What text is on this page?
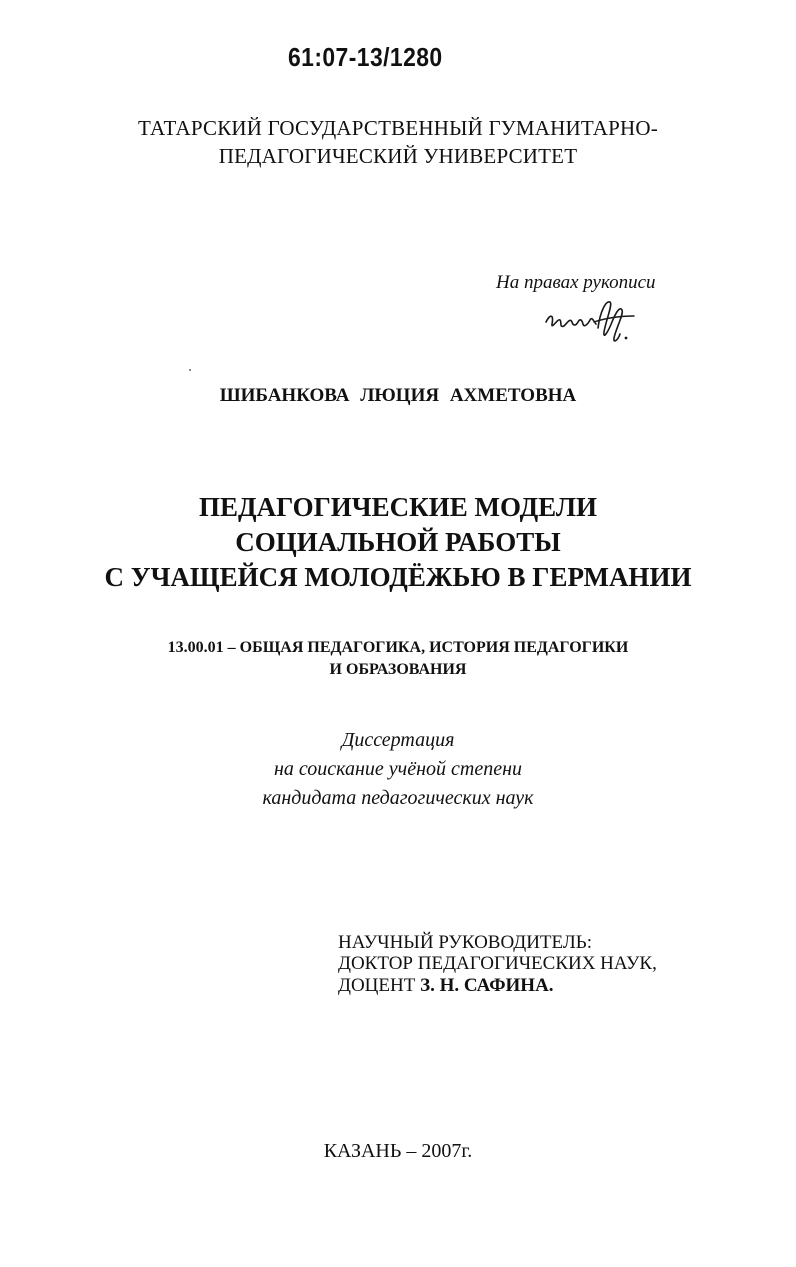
61:07-13/1280
ТАТАРСКИЙ ГОСУДАРСТВЕННЫЙ ГУМАНИТАРНО-
ПЕДАГОГИЧЕСКИЙ УНИВЕРСИТЕТ
На правах рукописи
ШИБАНКОВА ЛЮЦИЯ АХМЕТОВНА
ПЕДАГОГИЧЕСКИЕ МОДЕЛИ
СОЦИАЛЬНОЙ РАБОТЫ
С УЧАЩЕЙСЯ МОЛОДЁЖЬЮ В ГЕРМАНИИ
13.00.01 – ОБЩАЯ ПЕДАГОГИКА, ИСТОРИЯ ПЕДАГОГИКИ
И ОБРАЗОВАНИЯ
Диссертация
на соискание учёной степени
кандидата педагогических наук
НАУЧНЫЙ РУКОВОДИТЕЛЬ:
ДОКТОР ПЕДАГОГИЧЕСКИХ НАУК,
ДОЦЕНТ З. Н. САФИНА.
КАЗАНЬ – 2007г.
